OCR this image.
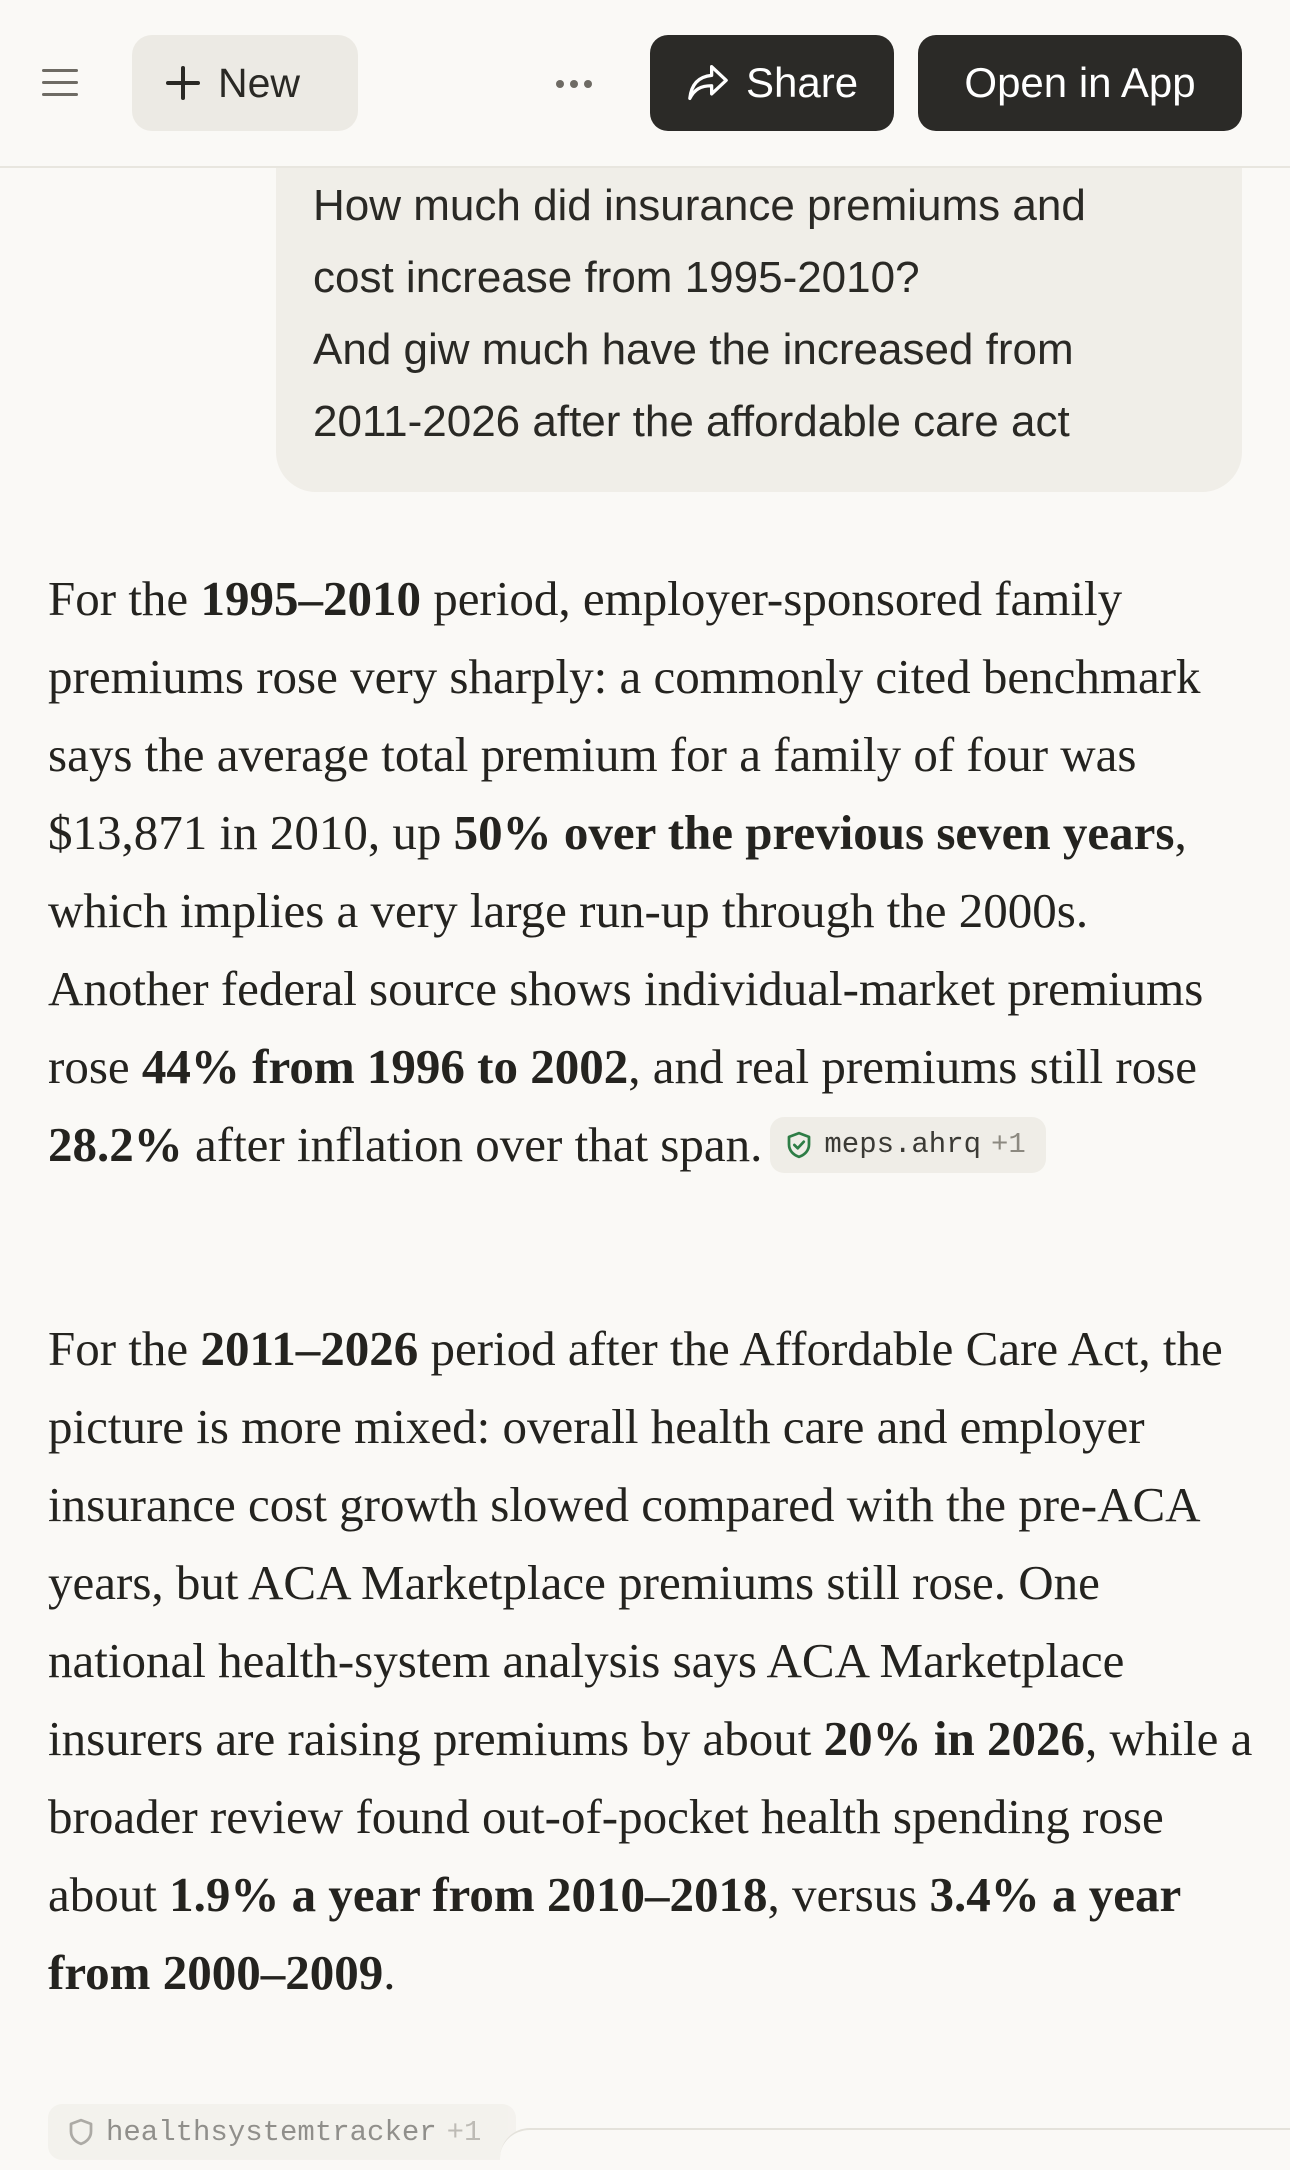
New	Share	Open in App

How much did insurance premiums and

cost increase from 1995-2010?

And giw much have the increased from

2011-2026 after the affordable care act

For the 1995–2010 period, employer-sponsored family premiums rose very sharply: a commonly cited benchmark says the average total premium for a family of four was $13,871 in 2010, up 50% over the previous seven years, which implies a very large run-up through the 2000s. Another federal source shows individual-market premiums rose 44% from 1996 to 2002, and real premiums still rose 28.2% after inflation over that span. meps.ahrq +1

For the 2011–2026 period after the Affordable Care Act, the picture is more mixed: overall health care and employer insurance cost growth slowed compared with the pre-ACA years, but ACA Marketplace premiums still rose. One national health-system analysis says ACA Marketplace insurers are raising premiums by about 20% in 2026, while a broader review found out-of-pocket health spending rose about 1.9% a year from 2010–2018, versus 3.4% a year from 2000–2009.

healthsystemtracker +1
